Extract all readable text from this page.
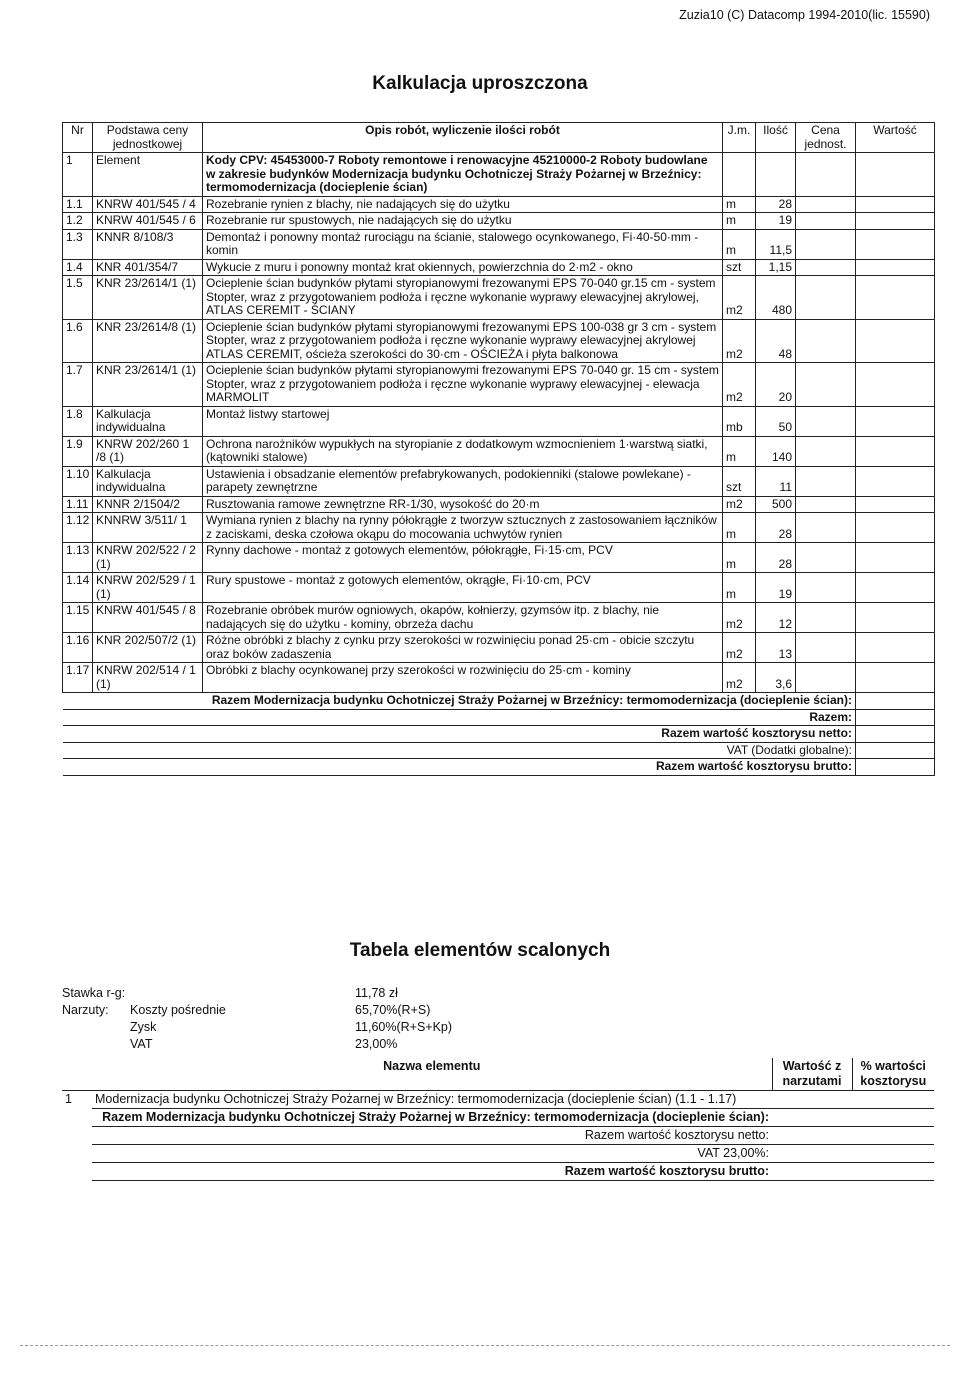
Zuzia10 (C) Datacomp 1994-2010(lic. 15590)
Kalkulacja uproszczona
Nr	Podstawa ceny jednostkowej	Opis robót, wyliczenie ilości robót	J.m.	Ilość	Cena jednost.	Wartość
1	Element	Kody CPV: 45453000-7 Roboty remontowe i renowacyjne 45210000-2 Roboty budowlane w zakresie budynków Modernizacja budynku Ochotniczej Straży Pożarnej w Brzeźnicy: termomodernizacja (docieplenie ścian)				
1.1	KNRW 401/545 / 4	Rozebranie rynien z blachy, nie nadających się do użytku	m	28		
1.2	KNRW 401/545 / 6	Rozebranie rur spustowych, nie nadających się do użytku	m	19		
1.3	KNNR 8/108/3	Demontaż i ponowny montaż rurociągu na ścianie, stalowego ocynkowanego, Fi·40-50·mm - komin	m	11,5		
1.4	KNR 401/354/7	Wykucie z muru i ponowny montaż krat okiennych, powierzchnia do 2·m2 - okno	szt	1,15		
1.5	KNR 23/2614/1 (1)	Ocieplenie ścian budynków płytami styropianowymi frezowanymi EPS 70-040 gr.15 cm - system Stopter, wraz z przygotowaniem podłoża i ręczne wykonanie wyprawy elewacyjnej akrylowej, ATLAS CEREMIT - ŚCIANY	m2	480		
1.6	KNR 23/2614/8 (1)	Ocieplenie ścian budynków płytami styropianowymi frezowanymi EPS 100-038 gr 3 cm - system Stopter, wraz z przygotowaniem podłoża i ręczne wykonanie wyprawy elewacyjnej akrylowej ATLAS CEREMIT, ościeża szerokości do 30·cm - OŚCIEŻA i płyta balkonowa	m2	48		
1.7	KNR 23/2614/1 (1)	Ocieplenie ścian budynków płytami styropianowymi frezowanymi EPS 70-040 gr. 15 cm - system Stopter, wraz z przygotowaniem podłoża i ręczne wykonanie wyprawy elewacyjnej - elewacja MARMOLIT	m2	20		
1.8	Kalkulacja indywidualna	Montaż listwy startowej	mb	50		
1.9	KNRW 202/260 1 /8 (1)	Ochrona narożników wypukłych na styropianie z dodatkowym wzmocnieniem 1·warstwą siatki, (kątowniki stalowe)	m	140		
1.10	Kalkulacja indywidualna	Ustawienia i obsadzanie elementów prefabrykowanych, podokienniki (stalowe powlekane) - parapety zewnętrzne	szt	11		
1.11	KNNR 2/1504/2	Rusztowania ramowe zewnętrzne RR-1/30, wysokość do 20·m	m2	500		
1.12	KNNRW 3/511/ 1	Wymiana rynien z blachy na rynny półokrągłe z tworzyw sztucznych z zastosowaniem łączników z zaciskami, deska czołowa okąpu do mocowania uchwytów rynien	m	28		
1.13	KNRW 202/522 / 2 (1)	Rynny dachowe - montaż z gotowych elementów, półokrągłe, Fi·15·cm, PCV	m	28		
1.14	KNRW 202/529 / 1 (1)	Rury spustowe - montaż z gotowych elementów, okrągłe, Fi·10·cm, PCV	m	19		
1.15	KNRW 401/545 / 8	Rozebranie obróbek murów ogniowych, okapów, kołnierzy, gzymsów itp. z blachy, nie nadających się do użytku - kominy, obrzeża dachu	m2	12		
1.16	KNR 202/507/2 (1)	Różne obróbki z blachy z cynku przy szerokości w rozwinięciu ponad 25·cm - obicie szczytu oraz boków zadaszenia	m2	13		
1.17	KNRW 202/514 / 1 (1)	Obróbki z blachy ocynkowanej przy szerokości w rozwinięciu do 25·cm - kominy	m2	3,6		
Razem Modernizacja budynku Ochotniczej Straży Pożarnej w Brzeźnicy: termomodernizacja (docieplenie ścian):						
Razem:						
Razem wartość kosztorysu netto:						
VAT (Dodatki globalne):						
Razem wartość kosztorysu brutto:						
Tabela elementów scalonych
Stawka r-g:	11,78 zł
Narzuty:	Koszty pośrednie	65,70%(R+S)
Zysk	11,60%(R+S+Kp)
VAT	23,00%
	Nazwa elementu	Wartość z narzutami	% wartości kosztorysu
1	Modernizacja budynku Ochotniczej Straży Pożarnej w Brzeźnicy: termomodernizacja (docieplenie ścian) (1.1 - 1.17)		
	Razem Modernizacja budynku Ochotniczej Straży Pożarnej w Brzeźnicy: termomodernizacja (docieplenie ścian):		
	Razem wartość kosztorysu netto:		
	VAT 23,00%:		
	Razem wartość kosztorysu brutto:		
